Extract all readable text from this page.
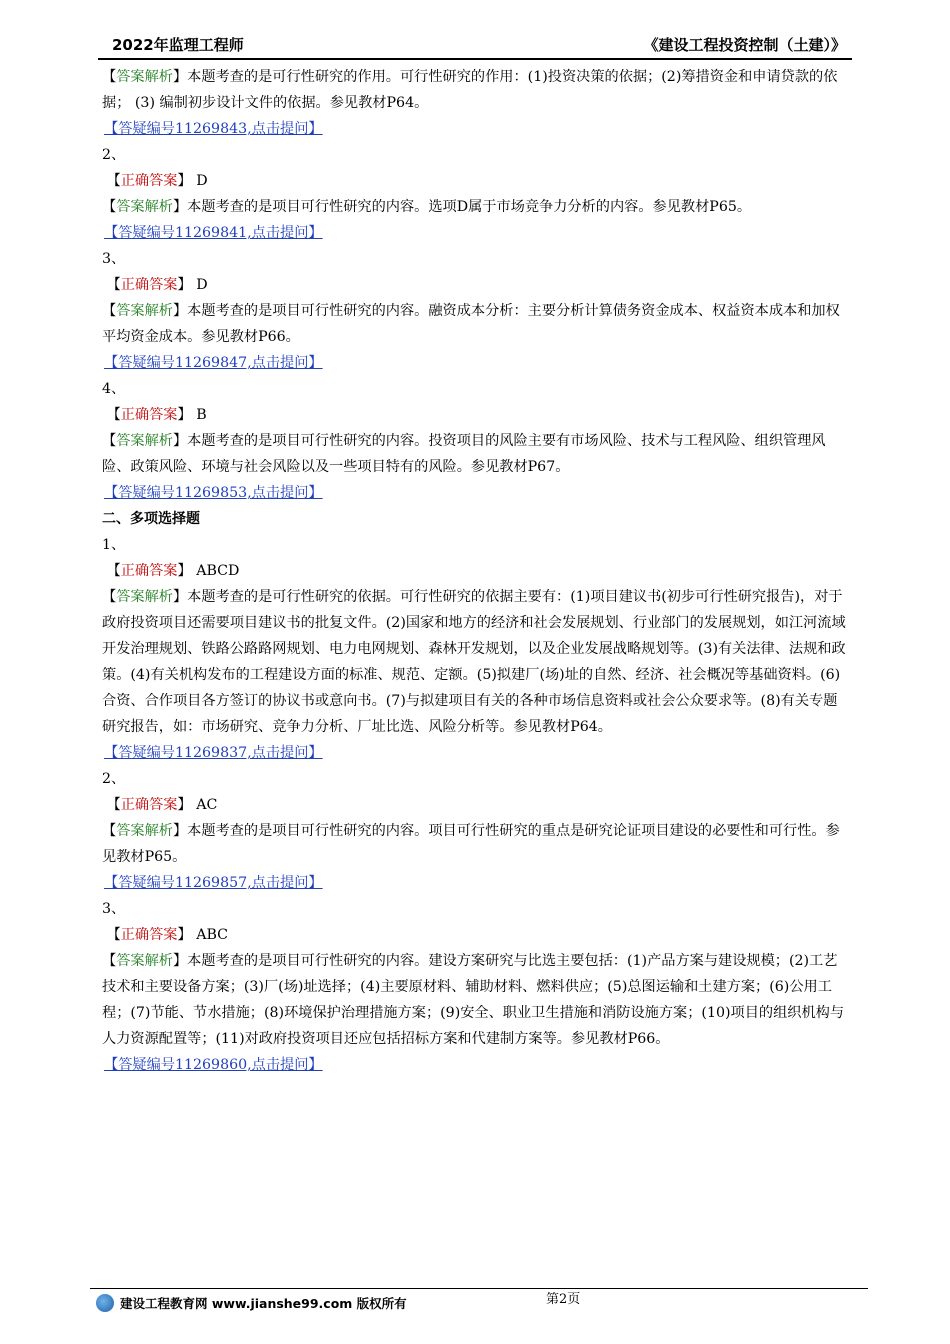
2022年监理工程师	《建设工程投资控制（土建）》

【答案解析】本题考查的是可行性研究的作用。可行性研究的作用：(1)投资决策的依据；(2)筹措资金和申请贷款的依据； (3) 编制初步设计文件的依据。参见教材P64。

【答疑编号11269843,点击提问】

2、

【正确答案】 D

【答案解析】本题考查的是项目可行性研究的内容。选项D属于市场竞争力分析的内容。参见教材P65。

【答疑编号11269841,点击提问】

3、

【正确答案】 D

【答案解析】本题考查的是项目可行性研究的内容。融资成本分析：主要分析计算债务资金成本、权益资本成本和加权平均资金成本。参见教材P66。

【答疑编号11269847,点击提问】

4、

【正确答案】 B

【答案解析】本题考查的是项目可行性研究的内容。投资项目的风险主要有市场风险、技术与工程风险、组织管理风险、政策风险、环境与社会风险以及一些项目特有的风险。参见教材P67。

【答疑编号11269853,点击提问】

二、多项选择题

1、

【正确答案】 ABCD

【答案解析】本题考查的是可行性研究的依据。可行性研究的依据主要有：(1)项目建议书(初步可行性研究报告)，对于政府投资项目还需要项目建议书的批复文件。(2)国家和地方的经济和社会发展规划、行业部门的发展规划，如江河流域开发治理规划、铁路公路路网规划、电力电网规划、森林开发规划，以及企业发展战略规划等。(3)有关法律、法规和政策。(4)有关机构发布的工程建设方面的标准、规范、定额。(5)拟建厂(场)址的自然、经济、社会概况等基础资料。(6)合资、合作项目各方签订的协议书或意向书。(7)与拟建项目有关的各种市场信息资料或社会公众要求等。(8)有关专题研究报告，如：市场研究、竞争力分析、厂址比选、风险分析等。参见教材P64。

【答疑编号11269837,点击提问】

2、

【正确答案】 AC

【答案解析】本题考查的是项目可行性研究的内容。项目可行性研究的重点是研究论证项目建设的必要性和可行性。参见教材P65。

【答疑编号11269857,点击提问】

3、

【正确答案】 ABC

【答案解析】本题考查的是项目可行性研究的内容。建设方案研究与比选主要包括：(1)产品方案与建设规模；(2)工艺技术和主要设备方案；(3)厂(场)址选择；(4)主要原材料、辅助材料、燃料供应；(5)总图运输和土建方案；(6)公用工程；(7)节能、节水措施；(8)环境保护治理措施方案；(9)安全、职业卫生措施和消防设施方案；(10)项目的组织机构与人力资源配置等；(11)对政府投资项目还应包括招标方案和代建制方案等。参见教材P66。

【答疑编号11269860,点击提问】

建设工程教育网 www.jianshe99.com 版权所有	第2页
